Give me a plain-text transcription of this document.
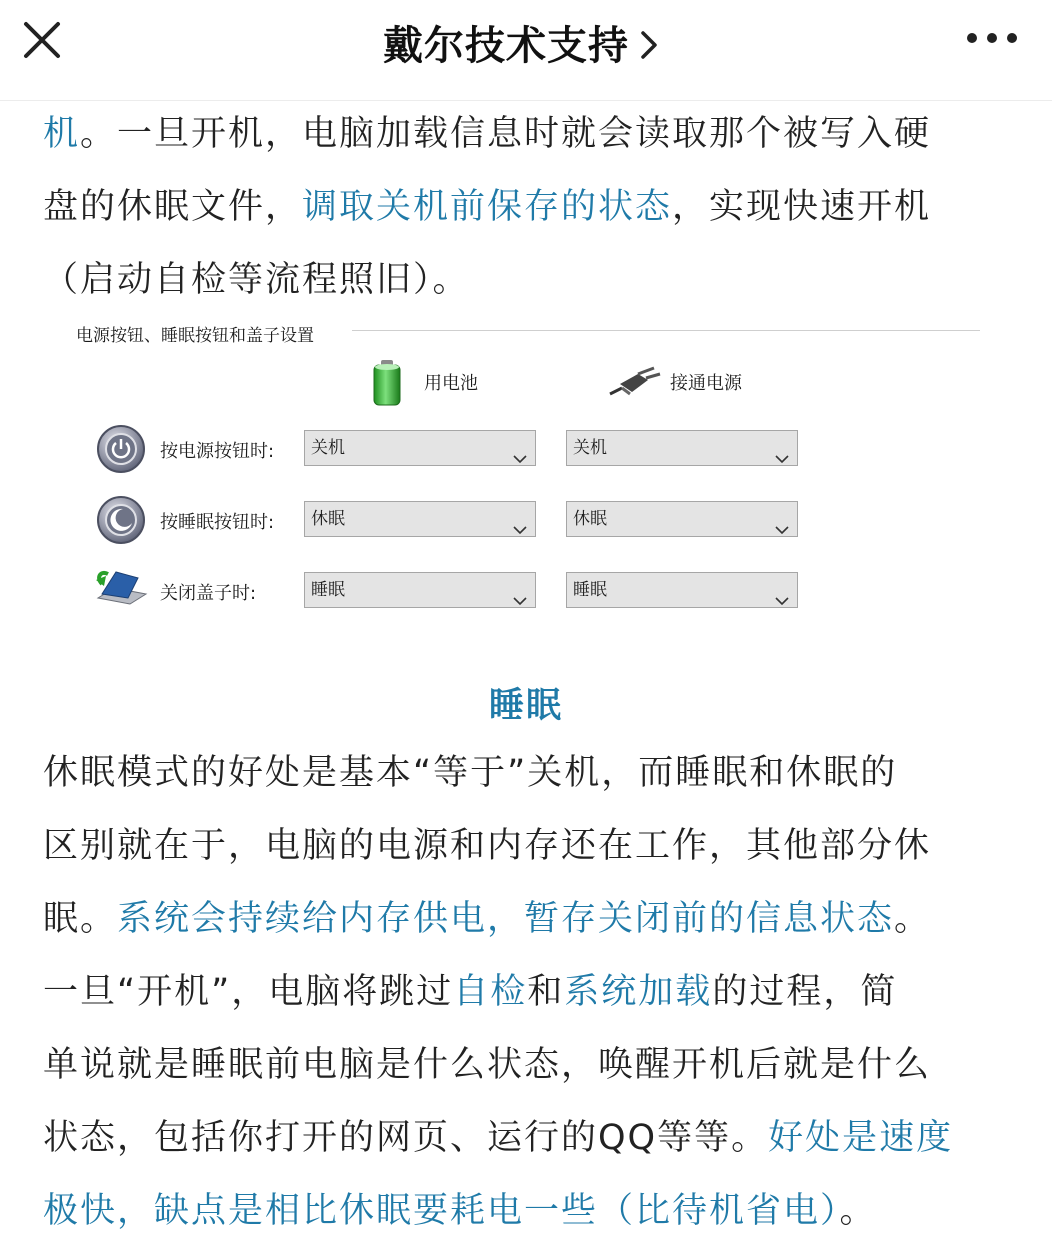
戴尔技术支持

机。一旦开机，电脑加载信息时就会读取那个被写入硬
盘的休眠文件，调取关机前保存的状态，实现快速开机
（启动自检等流程照旧）。

电源按钮、睡眠按钮和盖子设置
用电池	接通电源
按电源按钮时:	关机	关机
按睡眠按钮时:	休眠	休眠
关闭盖子时:	睡眠	睡眠
睡眠

休眠模式的好处是基本“等于”关机，而睡眠和休眠的
区别就在于，电脑的电源和内存还在工作，其他部分休
眠。系统会持续给内存供电，暂存关闭前的信息状态。
一旦“开机”，电脑将跳过自检和系统加载的过程，简
单说就是睡眠前电脑是什么状态，唤醒开机后就是什么
状态，包括你打开的网页、运行的QQ等等。好处是速度
极快，缺点是相比休眠要耗电一些（比待机省电）。
